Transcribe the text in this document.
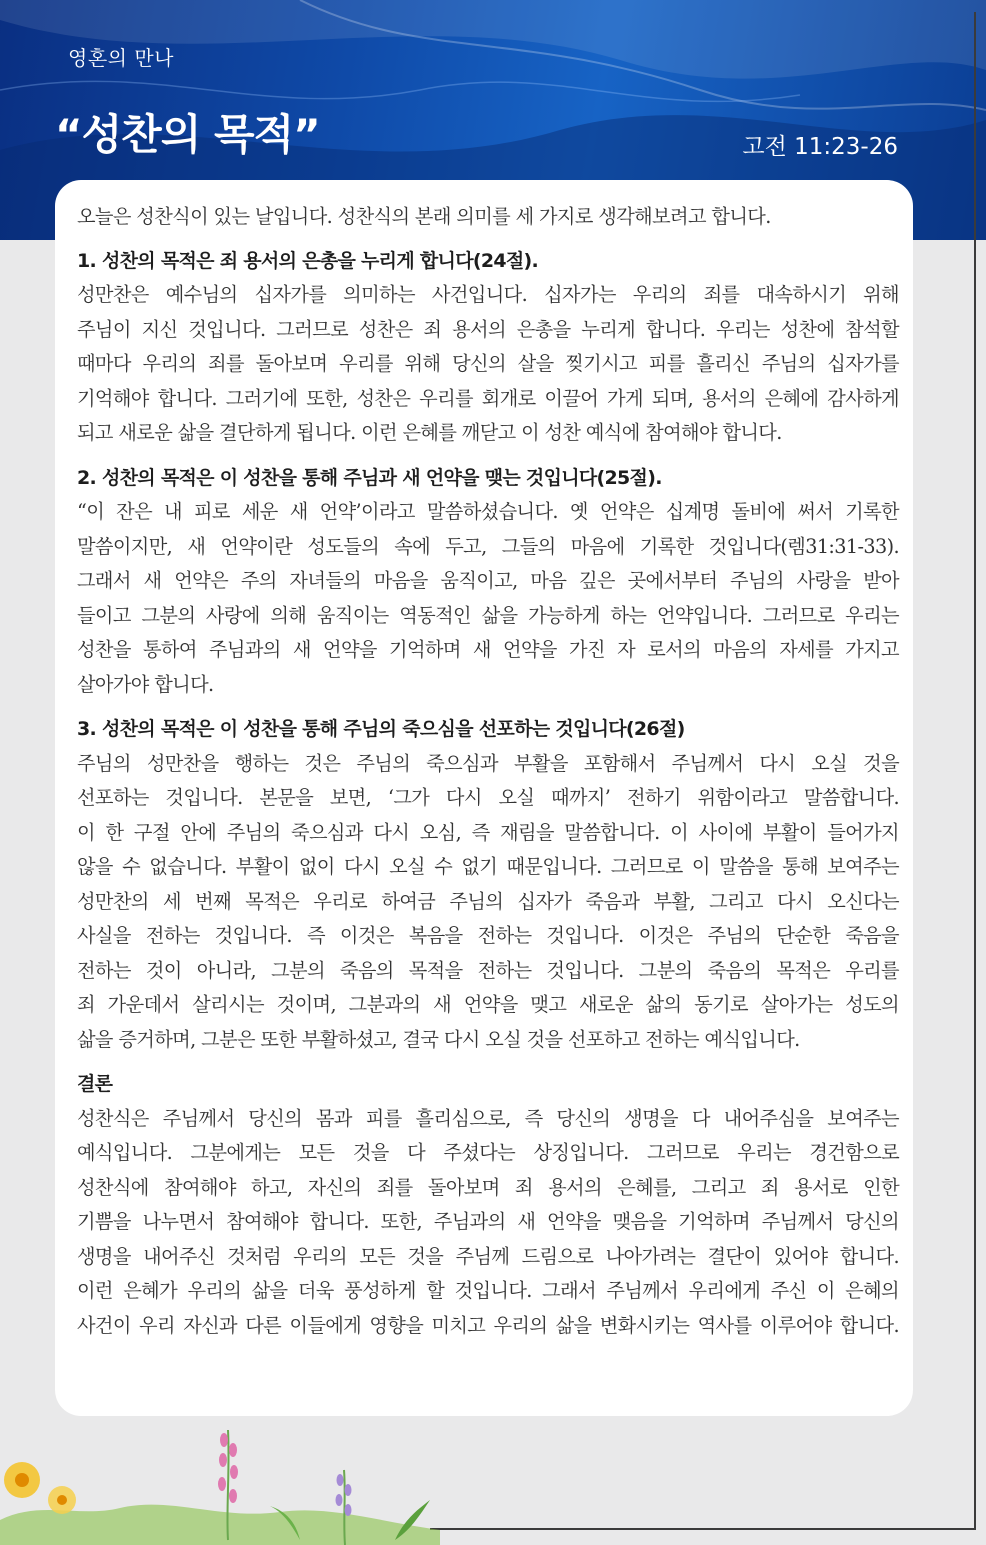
영혼의 만나
“성찬의 목적”	고전 11:23-26

오늘은 성찬식이 있는 날입니다. 성찬식의 본래 의미를 세 가지로 생각해보려고 합니다.

1. 성찬의 목적은 죄 용서의 은총을 누리게 합니다(24절).

성만찬은 예수님의 십자가를 의미하는 사건입니다. 십자가는 우리의 죄를 대속하시기 위해
주님이 지신 것입니다. 그러므로 성찬은 죄 용서의 은총을 누리게 합니다. 우리는 성찬에 참석할
때마다 우리의 죄를 돌아보며 우리를 위해 당신의 살을 찢기시고 피를 흘리신 주님의 십자가를
기억해야 합니다. 그러기에 또한, 성찬은 우리를 회개로 이끌어 가게 되며, 용서의 은혜에 감사하게
되고 새로운 삶을 결단하게 됩니다. 이런 은혜를 깨닫고 이 성찬 예식에 참여해야 합니다.

2. 성찬의 목적은 이 성찬을 통해 주님과 새 언약을 맺는 것입니다(25절).

“이 잔은 내 피로 세운 새 언약’이라고 말씀하셨습니다. 옛 언약은 십계명 돌비에 써서 기록한
말씀이지만, 새 언약이란 성도들의 속에 두고, 그들의 마음에 기록한 것입니다(렘31:31-33).
그래서 새 언약은 주의 자녀들의 마음을 움직이고, 마음 깊은 곳에서부터 주님의 사랑을 받아
들이고 그분의 사랑에 의해 움직이는 역동적인 삶을 가능하게 하는 언약입니다. 그러므로 우리는
성찬을 통하여 주님과의 새 언약을 기억하며 새 언약을 가진 자 로서의 마음의 자세를 가지고
살아가야 합니다.

3. 성찬의 목적은 이 성찬을 통해 주님의 죽으심을 선포하는 것입니다(26절)

주님의 성만찬을 행하는 것은 주님의 죽으심과 부활을 포함해서 주님께서 다시 오실 것을
선포하는 것입니다. 본문을 보면, ‘그가 다시 오실 때까지’ 전하기 위함이라고 말씀합니다.
이 한 구절 안에 주님의 죽으심과 다시 오심, 즉 재림을 말씀합니다. 이 사이에 부활이 들어가지
않을 수 없습니다. 부활이 없이 다시 오실 수 없기 때문입니다. 그러므로 이 말씀을 통해 보여주는
성만찬의 세 번째 목적은 우리로 하여금 주님의 십자가 죽음과 부활, 그리고 다시 오신다는
사실을 전하는 것입니다. 즉 이것은 복음을 전하는 것입니다. 이것은 주님의 단순한 죽음을
전하는 것이 아니라, 그분의 죽음의 목적을 전하는 것입니다. 그분의 죽음의 목적은 우리를
죄 가운데서 살리시는 것이며, 그분과의 새 언약을 맺고 새로운 삶의 동기로 살아가는 성도의
삶을 증거하며, 그분은 또한 부활하셨고, 결국 다시 오실 것을 선포하고 전하는 예식입니다.

결론

성찬식은 주님께서 당신의 몸과 피를 흘리심으로, 즉 당신의 생명을 다 내어주심을 보여주는
예식입니다. 그분에게는 모든 것을 다 주셨다는 상징입니다. 그러므로 우리는 경건함으로
성찬식에 참여해야 하고, 자신의 죄를 돌아보며 죄 용서의 은혜를, 그리고 죄 용서로 인한
기쁨을 나누면서 참여해야 합니다. 또한, 주님과의 새 언약을 맺음을 기억하며 주님께서 당신의
생명을 내어주신 것처럼 우리의 모든 것을 주님께 드림으로 나아가려는 결단이 있어야 합니다.
이런 은혜가 우리의 삶을 더욱 풍성하게 할 것입니다. 그래서 주님께서 우리에게 주신 이 은혜의
사건이 우리 자신과 다른 이들에게 영향을 미치고 우리의 삶을 변화시키는 역사를 이루어야 합니다.
